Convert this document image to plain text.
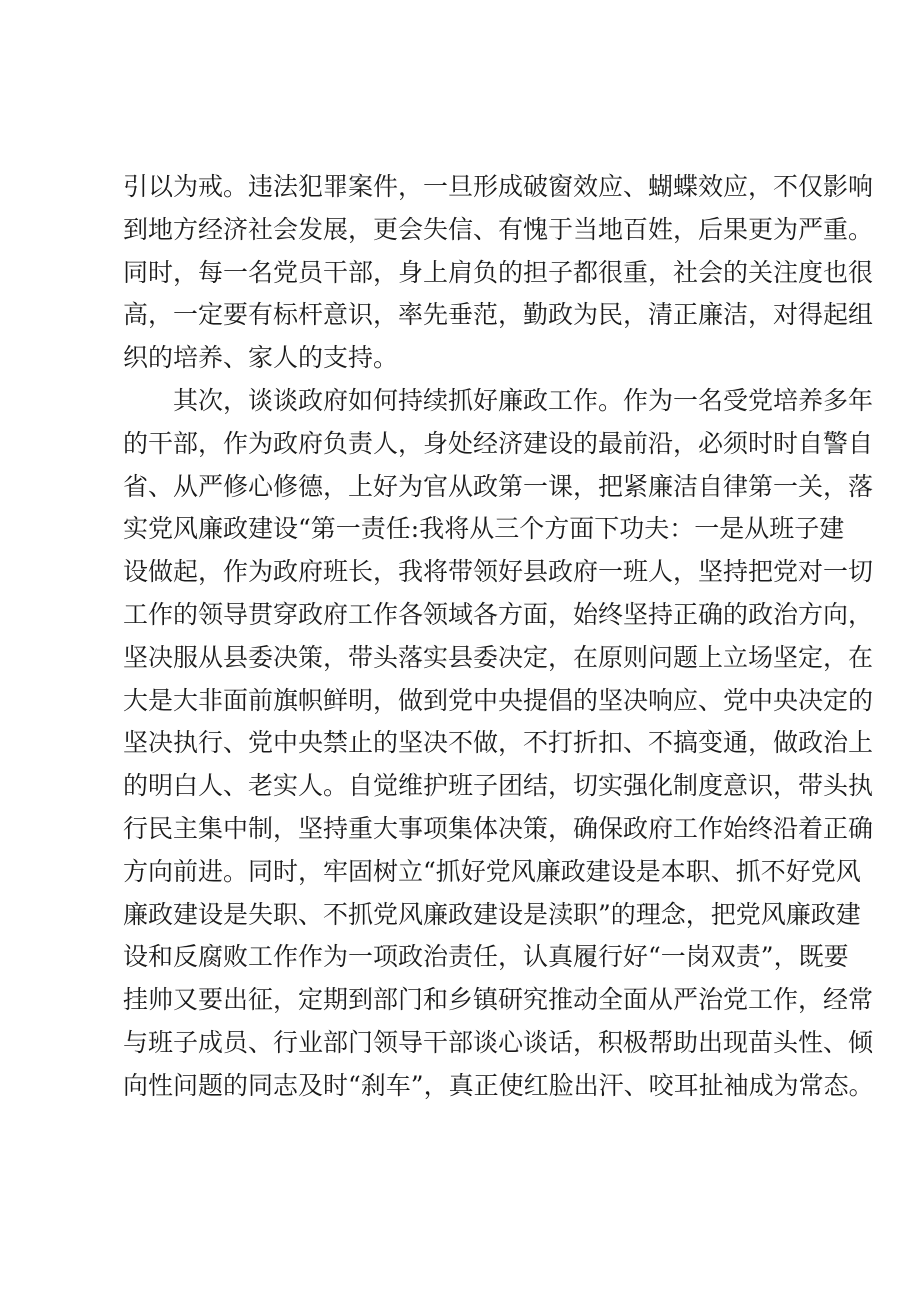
引以为戒。违法犯罪案件，一旦形成破窗效应、蝴蝶效应，不仅影响
到地方经济社会发展，更会失信、有愧于当地百姓，后果更为严重。
同时，每一名党员干部，身上肩负的担子都很重，社会的关注度也很
高，一定要有标杆意识，率先垂范，勤政为民，清正廉洁，对得起组
织的培养、家人的支持。
其次，谈谈政府如何持续抓好廉政工作。作为一名受党培养多年
的干部，作为政府负责人，身处经济建设的最前沿，必须时时自警自
省、从严修心修德，上好为官从政第一课，把紧廉洁自律第一关，落
实党风廉政建设“第一责任:我将从三个方面下功夫：一是从班子建
设做起，作为政府班长，我将带领好县政府一班人，坚持把党对一切
工作的领导贯穿政府工作各领域各方面，始终坚持正确的政治方向，
坚决服从县委决策，带头落实县委决定，在原则问题上立场坚定，在
大是大非面前旗帜鲜明，做到党中央提倡的坚决响应、党中央决定的
坚决执行、党中央禁止的坚决不做，不打折扣、不搞变通，做政治上
的明白人、老实人。自觉维护班子团结，切实强化制度意识，带头执
行民主集中制，坚持重大事项集体决策，确保政府工作始终沿着正确
方向前进。同时，牢固树立“抓好党风廉政建设是本职、抓不好党风
廉政建设是失职、不抓党风廉政建设是渎职”的理念，把党风廉政建
设和反腐败工作作为一项政治责任，认真履行好“一岗双责”，既要
挂帅又要出征，定期到部门和乡镇研究推动全面从严治党工作，经常
与班子成员、行业部门领导干部谈心谈话，积极帮助出现苗头性、倾
向性问题的同志及时“刹车”，真正使红脸出汗、咬耳扯袖成为常态。
